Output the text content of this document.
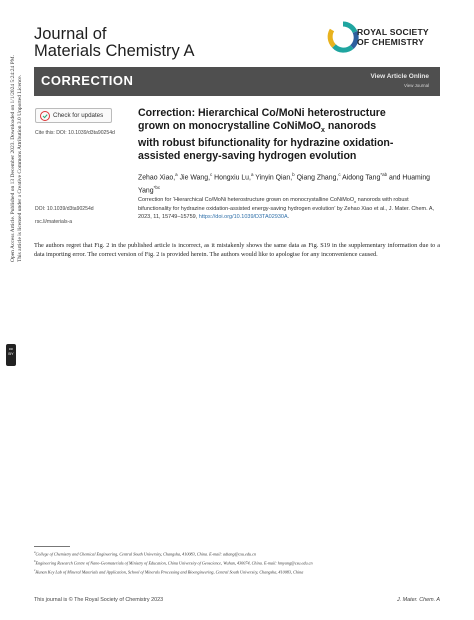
Journal of
Materials Chemistry A
ROYAL SOCIETY
OF CHEMISTRY
CORRECTION	View Article Online
View Journal
Open Access Article. Published on 13 December 2023. Downloaded on 1/1/2024 5:24:24 PM. This article is licensed under a Creative Commons Attribution 3.0 Unported Licence.
cc BY
Check for updates
Cite this: DOI: 10.1039/d3ta90254d
DOI: 10.1039/d3ta90254d
rsc.li/materials-a
Correction: Hierarchical Co/MoNi heterostructure
grown on monocrystalline CoNiMoO$_x$ nanorods
with robust bifunctionality for hydrazine oxidation-
assisted energy-saving hydrogen evolution
Zehao Xiao,$^a$ Jie Wang,$^c$ Hongxiu Lu,$^a$ Yinyin Qian,$^b$ Qiang Zhang,$^c$ Aidong Tang$^{*ab}$ and Huaming Yang$^{*bc}$
Correction for ‘Hierarchical Co/MoNi heterostructure grown on monocrystalline CoNiMoO$_x$ nanorods with robust bifunctionality for hydrazine oxidation-assisted energy-saving hydrogen evolution’ by Zehao Xiao et al., J. Mater. Chem. A, 2023, 11, 15749–15759, https://doi.org/10.1039/D3TA02930A.
The authors regret that Fig. 2 in the published article is incorrect, as it mistakenly shows the same data as Fig. S19 in the supplementary information due to a data importing error. The correct version of Fig. 2 is provided herein. The authors would like to apologise for any inconvenience caused.
$^a$College of Chemistry and Chemical Engineering, Central South University, Changsha, 410083, China. E-mail: adtang@csu.edu.cn
$^b$Engineering Research Centre of Nano-Geomaterials of Ministry of Education, China University of Geoscience, Wuhan, 430074, China. E-mail: hmyang@csu.edu.cn
$^c$Hunan Key Lab of Mineral Materials and Application, School of Minerals Processing and Bioengineering, Central South University, Changsha, 410083, China
This journal is © The Royal Society of Chemistry 2023	J. Mater. Chem. A
